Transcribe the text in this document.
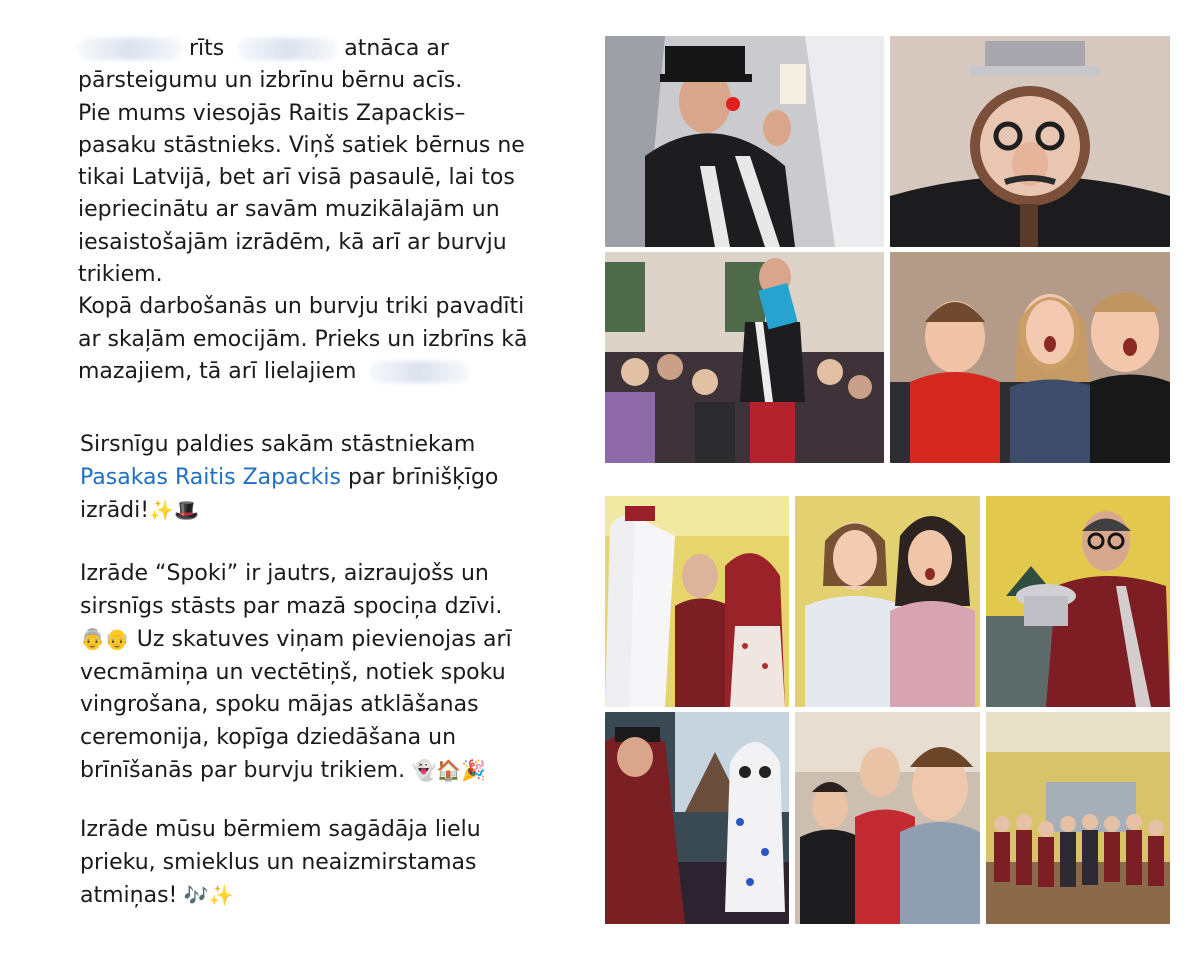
rīts	atnāca ar
pārsteigumu un izbrīnu bērnu acīs.
Pie mums viesojās Raitis Zapackis–
pasaku stāstnieks. Viņš satiek bērnus ne
tikai Latvijā, bet arī visā pasaulē, lai tos
iepriecinātu ar savām muzikālajām un
iesaistošajām izrādēm, kā arī ar burvju
trikiem.
Kopā darbošanās un burvju triki pavadīti
ar skaļām emocijām. Prieks un izbrīns kā
mazajiem, tā arī lielajiem
Sirsnīgu paldies sakām stāstniekam
Pasakas Raitis Zapackis par brīnišķīgo
izrādi!✨🎩
Izrāde “Spoki” ir jautrs, aizraujošs un
sirsnīgs stāsts par mazā spociņa dzīvi.
👵👴 Uz skatuves viņam pievienojas arī
vecmāmiņa un vectētiņš, notiek spoku
vingrošana, spoku mājas atklāšanas
ceremonija, kopīga dziedāšana un
brīnīšanās par burvju trikiem. 👻🏠🎉
Izrāde mūsu bērmiem sagādāja lielu
prieku, smieklus un neaizmirstamas
atmiņas! 🎶✨
